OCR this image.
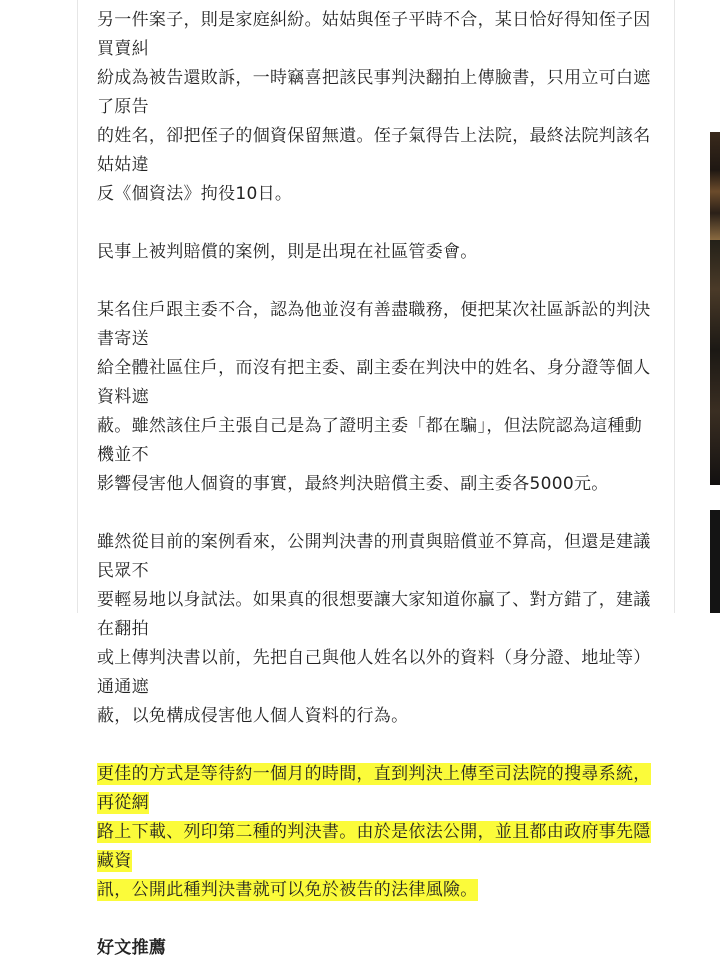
另一件案子，則是家庭糾紛。姑姑與侄子平時不合，某日恰好得知侄子因買賣糾
紛成為被告還敗訴，一時竊喜把該民事判決翻拍上傳臉書，只用立可白遮了原告
的姓名，卻把侄子的個資保留無遺。侄子氣得告上法院，最終法院判該名姑姑違
反《個資法》拘役10日。

民事上被判賠償的案例，則是出現在社區管委會。

某名住戶跟主委不合，認為他並沒有善盡職務，便把某次社區訴訟的判決書寄送
給全體社區住戶，而沒有把主委、副主委在判決中的姓名、身分證等個人資料遮
蔽。雖然該住戶主張自己是為了證明主委「都在騙」，但法院認為這種動機並不
影響侵害他人個資的事實，最終判決賠償主委、副主委各5000元。

雖然從目前的案例看來，公開判決書的刑責與賠償並不算高，但還是建議民眾不
要輕易地以身試法。如果真的很想要讓大家知道你贏了、對方錯了，建議在翻拍
或上傳判決書以前，先把自己與他人姓名以外的資料（身分證、地址等）通通遮
蔽，以免構成侵害他人個人資料的行為。

更佳的方式是等待約一個月的時間，直到判決上傳至司法院的搜尋系統，再從網
路上下載、列印第二種的判決書。由於是依法公開，並且都由政府事先隱藏資
訊，公開此種判決書就可以免於被告的法律風險。

好文推薦
